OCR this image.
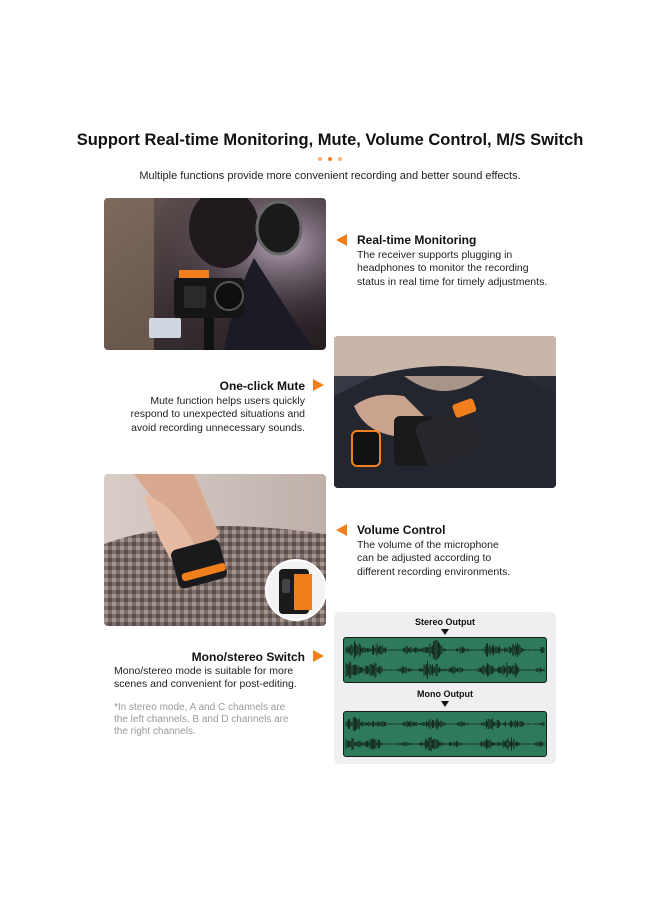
Support Real-time Monitoring, Mute, Volume Control, M/S Switch
Multiple functions provide more convenient recording and better sound effects.
Real-time Monitoring
The receiver supports plugging in
headphones to monitor the recording
status in real time for timely adjustments.
One-click Mute
Mute function helps users quickly
respond to unexpected situations and
avoid recording unnecessary sounds.
Volume Control
The volume of the microphone
can be adjusted according to
different recording environments.
Mono/stereo Switch
Mono/stereo mode is suitable for more
scenes and convenient for post-editing.
*In stereo mode, A and C channels are
the left channels, B and D channels are
the right channels.
Stereo Output
Mono Output
